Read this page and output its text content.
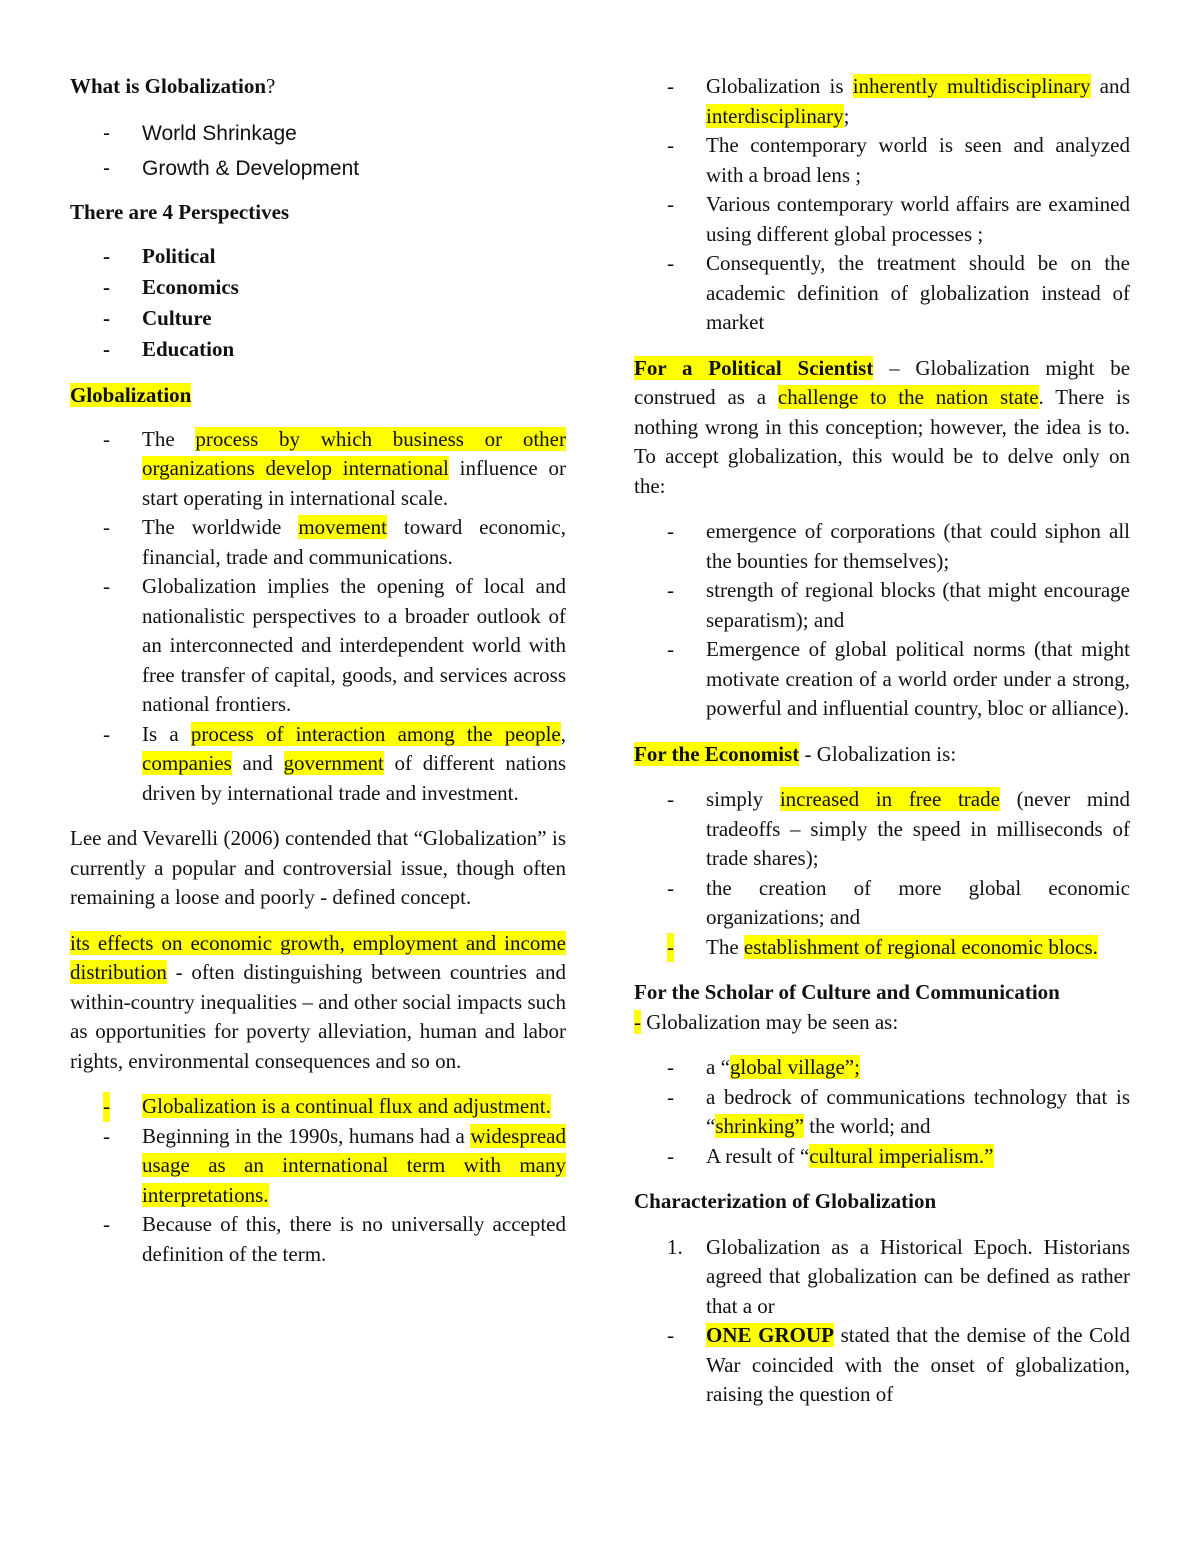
What is Globalization?

- World Shrinkage
- Growth & Development

There are 4 Perspectives

- Political
- Economics
- Culture
- Education

Globalization

- The process by which business or other organizations develop international influence or start operating in international scale.
- The worldwide movement toward economic, financial, trade and communications.
- Globalization implies the opening of local and nationalistic perspectives to a broader outlook of an interconnected and interdependent world with free transfer of capital, goods, and services across national frontiers.
- Is a process of interaction among the people, companies and government of different nations driven by international trade and investment.

Lee and Vevarelli (2006) contended that “Globalization” is currently a popular and controversial issue, though often remaining a loose and poorly - defined concept.

its effects on economic growth, employment and income distribution - often distinguishing between countries and within-country inequalities – and other social impacts such as opportunities for poverty alleviation, human and labor rights, environmental consequences and so on.

- Globalization is a continual flux and adjustment.
- Beginning in the 1990s, humans had a widespread usage as an international term with many interpretations.
- Because of this, there is no universally accepted definition of the term.
- Globalization is inherently multidisciplinary and interdisciplinary;
- The contemporary world is seen and analyzed with a broad lens ;
- Various contemporary world affairs are examined using different global processes ;
- Consequently, the treatment should be on the academic definition of globalization instead of market

For a Political Scientist – Globalization might be construed as a challenge to the nation state. There is nothing wrong in this conception; however, the idea is to. To accept globalization, this would be to delve only on the:

- emergence of corporations (that could siphon all the bounties for themselves);
- strength of regional blocks (that might encourage separatism); and
- Emergence of global political norms (that might motivate creation of a world order under a strong, powerful and influential country, bloc or alliance).

For the Economist - Globalization is:

- simply increased in free trade (never mind tradeoffs – simply the speed in milliseconds of trade shares);
- the creation of more global economic organizations; and
- The establishment of regional economic blocs.

For the Scholar of Culture and Communication
- Globalization may be seen as:

- a “global village”;
- a bedrock of communications technology that is “shrinking” the world; and
- A result of “cultural imperialism.”

Characterization of Globalization

1. Globalization as a Historical Epoch. Historians agreed that globalization can be defined as rather that a or
- ONE GROUP stated that the demise of the Cold War coincided with the onset of globalization, raising the question of
